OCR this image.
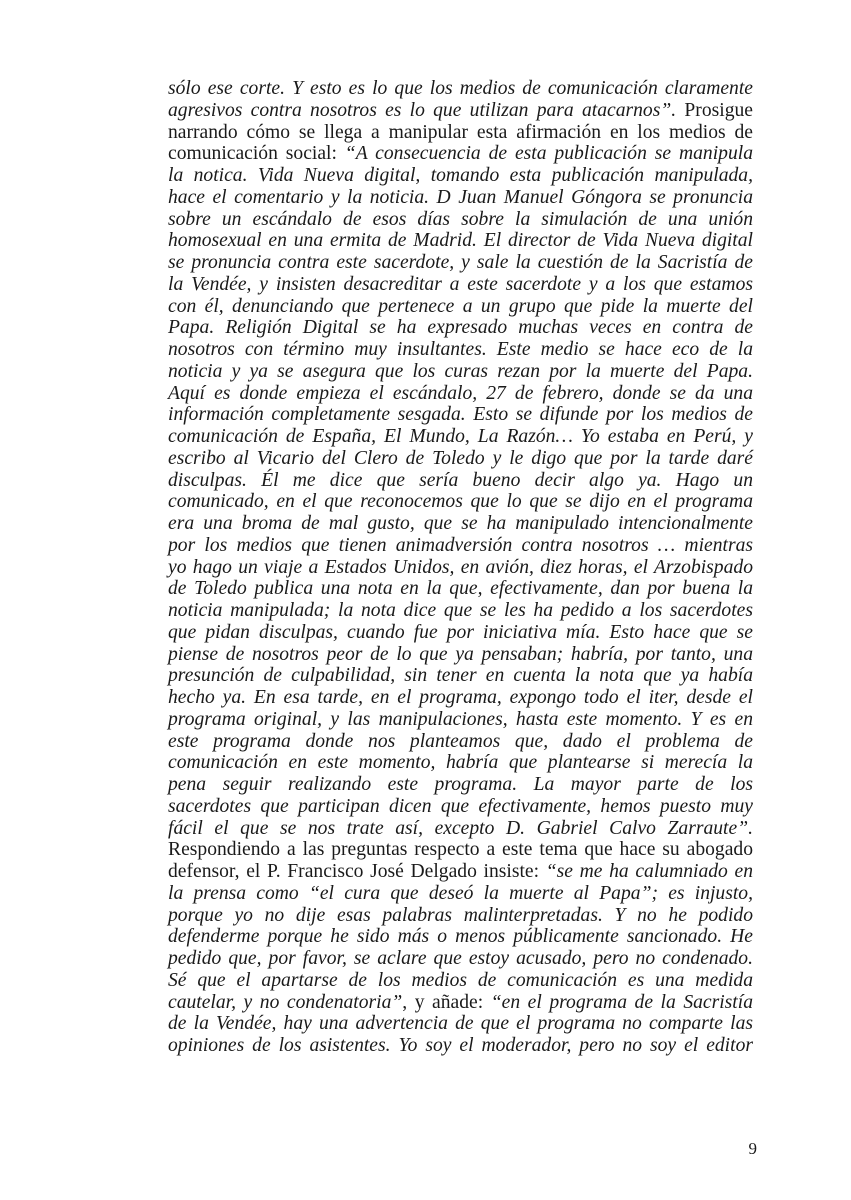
sólo ese corte. Y esto es lo que los medios de comunicación claramente
agresivos contra nosotros es lo que utilizan para atacarnos”. Prosigue
narrando cómo se llega a manipular esta afirmación en los medios de
comunicación social: “A consecuencia de esta publicación se manipula
la notica. Vida Nueva digital, tomando esta publicación manipulada,
hace el comentario y la noticia. D Juan Manuel Góngora se pronuncia
sobre un escándalo de esos días sobre la simulación de una unión
homosexual en una ermita de Madrid. El director de Vida Nueva digital
se pronuncia contra este sacerdote, y sale la cuestión de la Sacristía de
la Vendée, y insisten desacreditar a este sacerdote y a los que estamos
con él, denunciando que pertenece a un grupo que pide la muerte del
Papa. Religión Digital se ha expresado muchas veces en contra de
nosotros con término muy insultantes. Este medio se hace eco de la
noticia y ya se asegura que los curas rezan por la muerte del Papa.
Aquí es donde empieza el escándalo, 27 de febrero, donde se da una
información completamente sesgada. Esto se difunde por los medios de
comunicación de España, El Mundo, La Razón… Yo estaba en Perú, y
escribo al Vicario del Clero de Toledo y le digo que por la tarde daré
disculpas. Él me dice que sería bueno decir algo ya. Hago un
comunicado, en el que reconocemos que lo que se dijo en el programa
era una broma de mal gusto, que se ha manipulado intencionalmente
por los medios que tienen animadversión contra nosotros … mientras
yo hago un viaje a Estados Unidos, en avión, diez horas, el Arzobispado
de Toledo publica una nota en la que, efectivamente, dan por buena la
noticia manipulada; la nota dice que se les ha pedido a los sacerdotes
que pidan disculpas, cuando fue por iniciativa mía. Esto hace que se
piense de nosotros peor de lo que ya pensaban; habría, por tanto, una
presunción de culpabilidad, sin tener en cuenta la nota que ya había
hecho ya. En esa tarde, en el programa, expongo todo el iter, desde el
programa original, y las manipulaciones, hasta este momento. Y es en
este programa donde nos planteamos que, dado el problema de
comunicación en este momento, habría que plantearse si merecía la
pena seguir realizando este programa. La mayor parte de los
sacerdotes que participan dicen que efectivamente, hemos puesto muy
fácil el que se nos trate así, excepto D. Gabriel Calvo Zarraute”.
Respondiendo a las preguntas respecto a este tema que hace su abogado
defensor, el P. Francisco José Delgado insiste: “se me ha calumniado en
la prensa como “el cura que deseó la muerte al Papa”; es injusto,
porque yo no dije esas palabras malinterpretadas. Y no he podido
defenderme porque he sido más o menos públicamente sancionado. He
pedido que, por favor, se aclare que estoy acusado, pero no condenado.
Sé que el apartarse de los medios de comunicación es una medida
cautelar, y no condenatoria”, y añade: “en el programa de la Sacristía
de la Vendée, hay una advertencia de que el programa no comparte las
opiniones de los asistentes. Yo soy el moderador, pero no soy el editor
9
